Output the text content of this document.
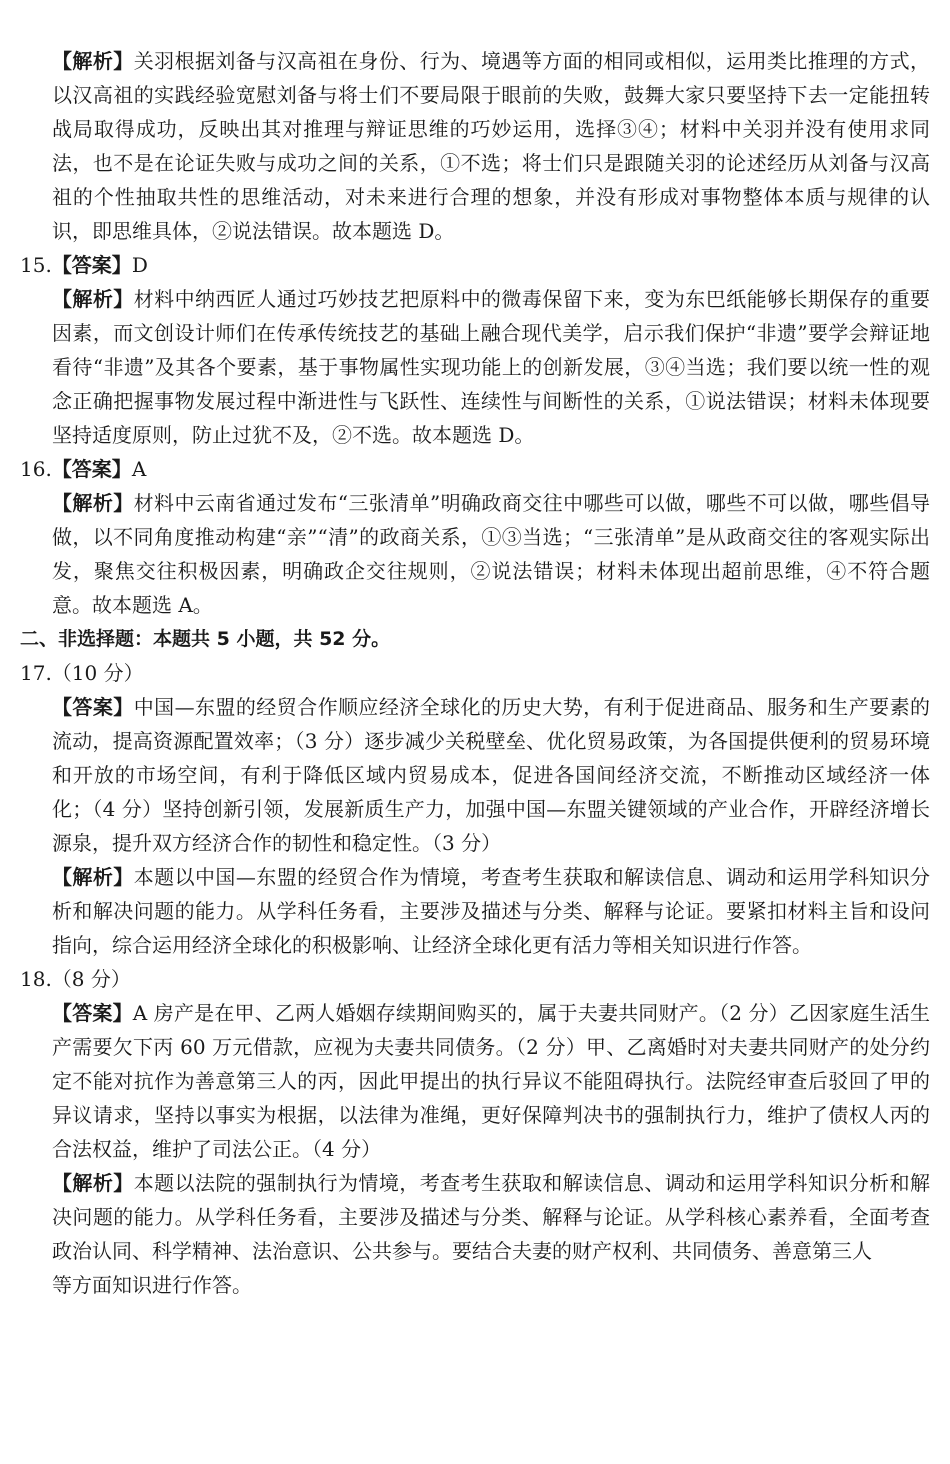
【解析】关羽根据刘备与汉高祖在身份、行为、境遇等方面的相同或相似，运用类比推理的方式，以汉高祖的实践经验宽慰刘备与将士们不要局限于眼前的失败，鼓舞大家只要坚持下去一定能扭转战局取得成功，反映出其对推理与辩证思维的巧妙运用，选择③④；材料中关羽并没有使用求同法，也不是在论证失败与成功之间的关系，①不选；将士们只是跟随关羽的论述经历从刘备与汉高祖的个性抽取共性的思维活动，对未来进行合理的想象，并没有形成对事物整体本质与规律的认识，即思维具体，②说法错误。故本题选 D。

15.【答案】D

【解析】材料中纳西匠人通过巧妙技艺把原料中的微毒保留下来，变为东巴纸能够长期保存的重要因素，而文创设计师们在传承传统技艺的基础上融合现代美学，启示我们保护“非遗”要学会辩证地看待“非遗”及其各个要素，基于事物属性实现功能上的创新发展，③④当选；我们要以统一性的观念正确把握事物发展过程中渐进性与飞跃性、连续性与间断性的关系，①说法错误；材料未体现要坚持适度原则，防止过犹不及，②不选。故本题选 D。

16.【答案】A

【解析】材料中云南省通过发布“三张清单”明确政商交往中哪些可以做，哪些不可以做，哪些倡导做，以不同角度推动构建“亲”“清”的政商关系，①③当选；“三张清单”是从政商交往的客观实际出发，聚焦交往积极因素，明确政企交往规则，②说法错误；材料未体现出超前思维，④不符合题意。故本题选 A。

二、非选择题：本题共 5 小题，共 52 分。

17.（10 分）

【答案】中国—东盟的经贸合作顺应经济全球化的历史大势，有利于促进商品、服务和生产要素的流动，提高资源配置效率；（3 分）逐步减少关税壁垒、优化贸易政策，为各国提供便利的贸易环境和开放的市场空间，有利于降低区域内贸易成本，促进各国间经济交流，不断推动区域经济一体化；（4 分）坚持创新引领，发展新质生产力，加强中国—东盟关键领域的产业合作，开辟经济增长源泉，提升双方经济合作的韧性和稳定性。（3 分）

【解析】本题以中国—东盟的经贸合作为情境，考查考生获取和解读信息、调动和运用学科知识分析和解决问题的能力。从学科任务看，主要涉及描述与分类、解释与论证。要紧扣材料主旨和设问指向，综合运用经济全球化的积极影响、让经济全球化更有活力等相关知识进行作答。

18.（8 分）

【答案】A 房产是在甲、乙两人婚姻存续期间购买的，属于夫妻共同财产。（2 分）乙因家庭生活生产需要欠下丙 60 万元借款，应视为夫妻共同债务。（2 分）甲、乙离婚时对夫妻共同财产的处分约定不能对抗作为善意第三人的丙，因此甲提出的执行异议不能阻碍执行。法院经审查后驳回了甲的异议请求，坚持以事实为根据，以法律为准绳，更好保障判决书的强制执行力，维护了债权人丙的合法权益，维护了司法公正。（4 分）

【解析】本题以法院的强制执行为情境，考查考生获取和解读信息、调动和运用学科知识分析和解决问题的能力。从学科任务看，主要涉及描述与分类、解释与论证。从学科核心素养看，全面考查政治认同、科学精神、法治意识、公共参与。要结合夫妻的财产权利、共同债务、善意第三人

等方面知识进行作答。
